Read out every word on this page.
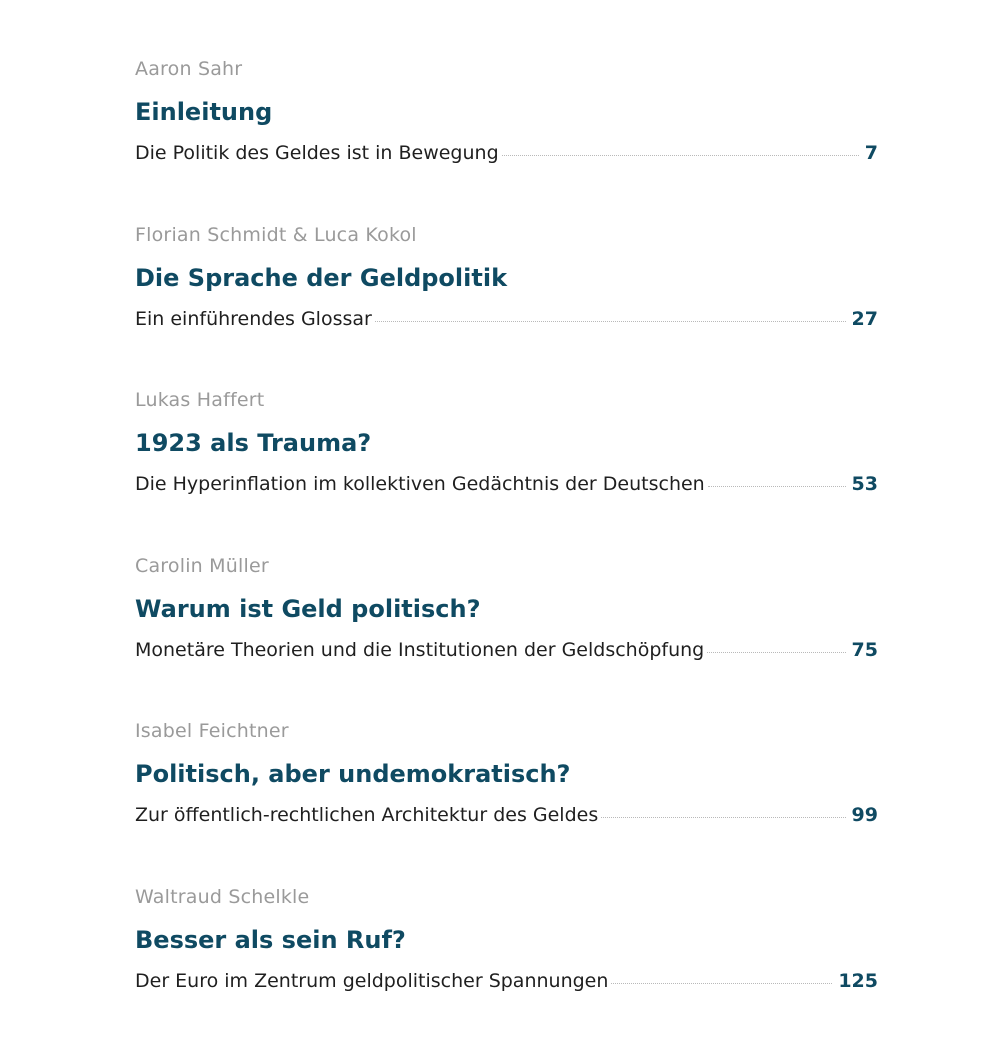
Aaron Sahr
Einleitung
Die Politik des Geldes ist in Bewegung	7
Florian Schmidt & Luca Kokol
Die Sprache der Geldpolitik
Ein einführendes Glossar	27
Lukas Haffert
1923 als Trauma?
Die Hyperinflation im kollektiven Gedächtnis der Deutschen	53
Carolin Müller
Warum ist Geld politisch?
Monetäre Theorien und die Institutionen der Geldschöpfung	75
Isabel Feichtner
Politisch, aber undemokratisch?
Zur öffentlich-rechtlichen Architektur des Geldes	99
Waltraud Schelkle
Besser als sein Ruf?
Der Euro im Zentrum geldpolitischer Spannungen	125
